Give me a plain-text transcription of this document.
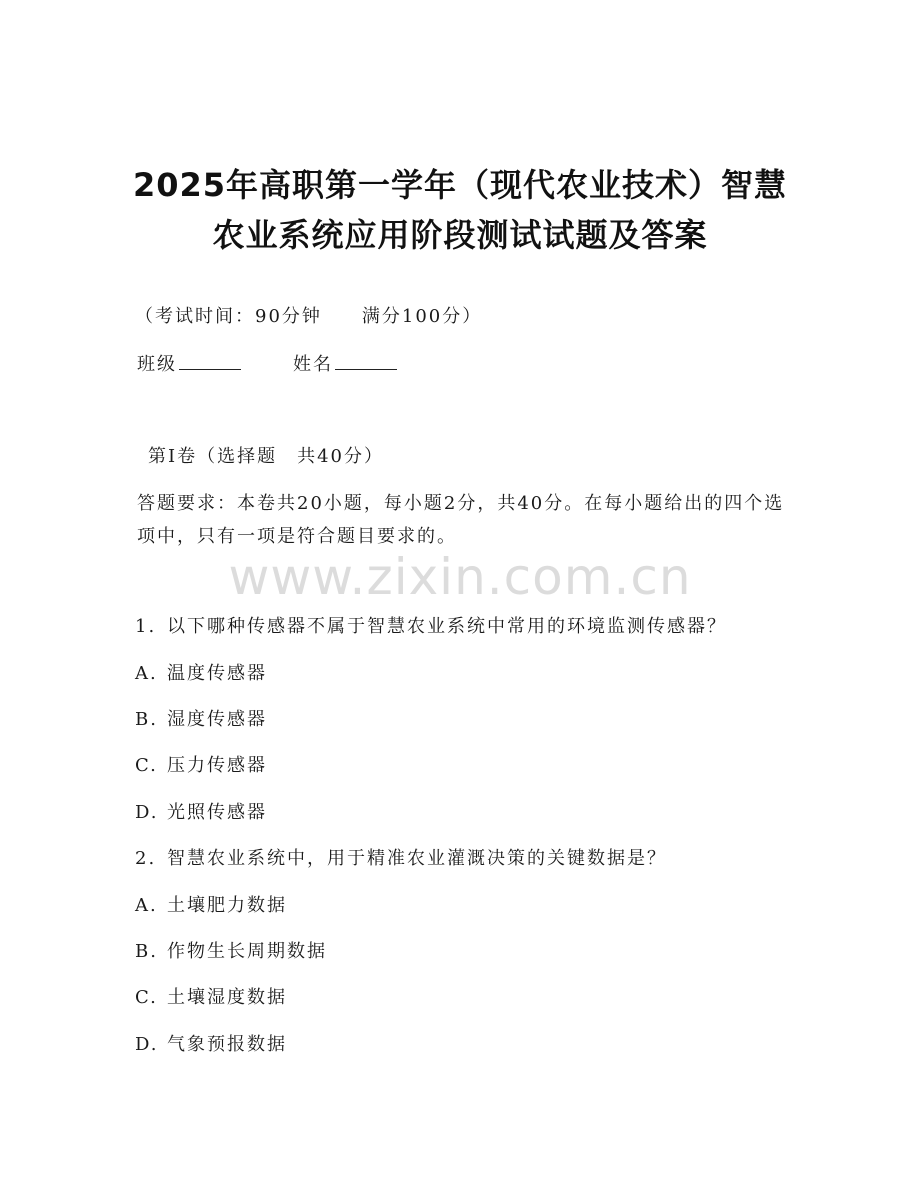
2025年高职第一学年（现代农业技术）智慧
农业系统应用阶段测试试题及答案
（考试时间：90分钟 满分100分）
班级	姓名
第I卷（选择题　共40分）
答题要求：本卷共20小题，每小题2分，共40分。在每小题给出的四个选项中，只有一项是符合题目要求的。
www.zixin.com.cn
1. 以下哪种传感器不属于智慧农业系统中常用的环境监测传感器？
A. 温度传感器
B. 湿度传感器
C. 压力传感器
D. 光照传感器
2. 智慧农业系统中，用于精准农业灌溉决策的关键数据是？
A. 土壤肥力数据
B. 作物生长周期数据
C. 土壤湿度数据
D. 气象预报数据
